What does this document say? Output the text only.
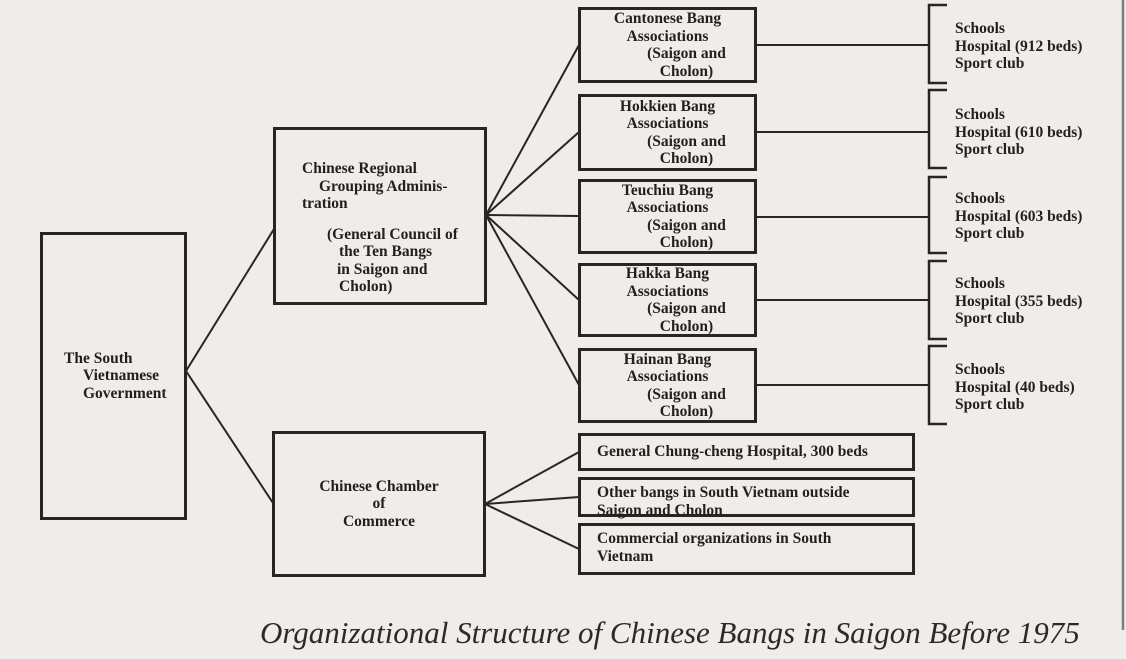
The South
Vietnamese
Government
Chinese Regional
Grouping Adminis-
tration
(General Council of
the Ten Bangs
in Saigon and
Cholon)
Chinese Chamber
of
Commerce
Cantonese Bang
Associations
(Saigon and
Cholon)
Hokkien Bang
Associations
(Saigon and
Cholon)
Teuchiu Bang
Associations
(Saigon and
Cholon)
Hakka Bang
Associations
(Saigon and
Cholon)
Hainan Bang
Associations
(Saigon and
Cholon)
Schools
Hospital (912 beds)
Sport club
Schools
Hospital (610 beds)
Sport club
Schools
Hospital (603 beds)
Sport club
Schools
Hospital (355 beds)
Sport club
Schools
Hospital (40 beds)
Sport club
General Chung-cheng Hospital, 300 beds
Other bangs in South Vietnam outside
Saigon and Cholon
Commercial organizations in South
Vietnam
Organizational Structure of Chinese Bangs in Saigon Before 1975
